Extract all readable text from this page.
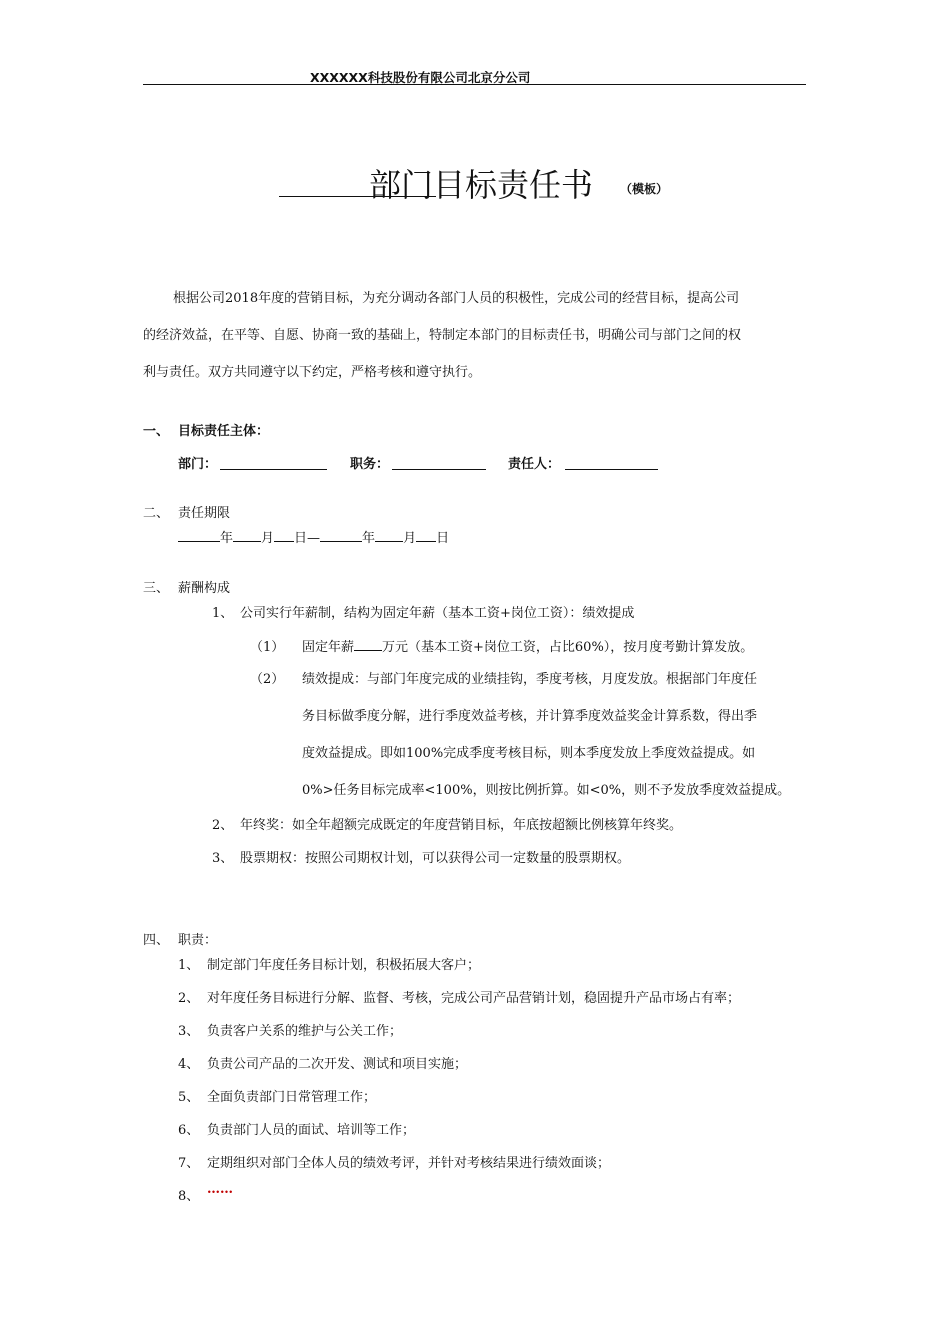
XXXXXX科技股份有限公司北京分公司
部门目标责任书 （模板）
根据公司2018年度的营销目标，为充分调动各部门人员的积极性，完成公司的经营目标，提高公司
的经济效益，在平等、自愿、协商一致的基础上，特制定本部门的目标责任书，明确公司与部门之间的权
利与责任。双方共同遵守以下约定，严格考核和遵守执行。
一、 目标责任主体：
部门：	职务：	责任人：
二、 责任期限
年 月 日—	年 月 日
三、 薪酬构成
1、 公司实行年薪制，结构为固定年薪（基本工资+岗位工资）：绩效提成
（1） 固定年薪 万元（基本工资+岗位工资，占比60%），按月度考勤计算发放。
（2） 绩效提成：与部门年度完成的业绩挂钩，季度考核，月度发放。根据部门年度任
务目标做季度分解，进行季度效益考核，并计算季度效益奖金计算系数，得出季
度效益提成。即如100%完成季度考核目标，则本季度发放上季度效益提成。如
0%>任务目标完成率<100%，则按比例折算。如<0%，则不予发放季度效益提成。
2、 年终奖：如全年超额完成既定的年度营销目标，年底按超额比例核算年终奖。
3、 股票期权：按照公司期权计划，可以获得公司一定数量的股票期权。
四、 职责：
1、 制定部门年度任务目标计划，积极拓展大客户；
2、 对年度任务目标进行分解、监督、考核，完成公司产品营销计划，稳固提升产品市场占有率；
3、 负责客户关系的维护与公关工作；
4、 负责公司产品的二次开发、测试和项目实施；
5、 全面负责部门日常管理工作；
6、 负责部门人员的面试、培训等工作；
7、 定期组织对部门全体人员的绩效考评，并针对考核结果进行绩效面谈；
8、 ……
